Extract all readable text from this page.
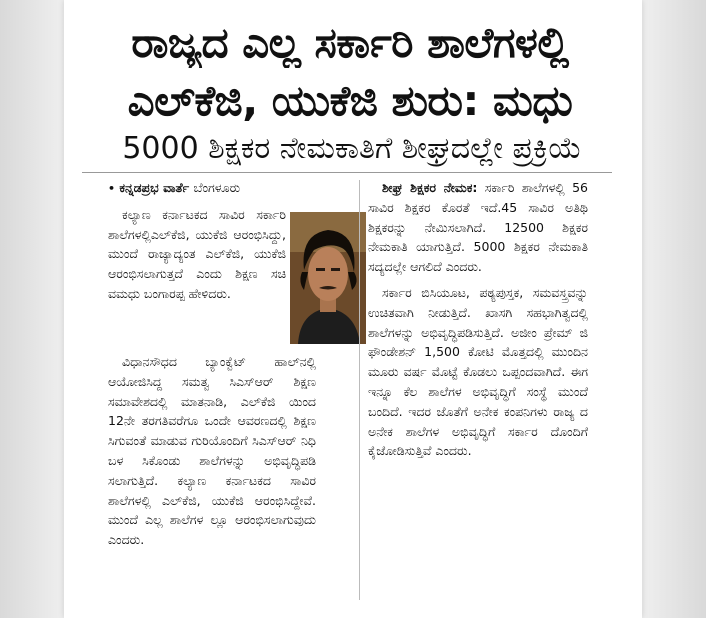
ರಾಜ್ಯದ ಎಲ್ಲ ಸರ್ಕಾರಿ ಶಾಲೆಗಳಲ್ಲಿ
ಎಲ್‌ಕೆಜಿ, ಯುಕೆಜಿ ಶುರು: ಮಧು
5000 ಶಿಕ್ಷಕರ ನೇಮಕಾತಿಗೆ ಶೀಘ್ರದಲ್ಲೇ ಪ್ರಕ್ರಿಯೆ

• ಕನ್ನಡಪ್ರಭ ವಾರ್ತೆ ಬೆಂಗಳೂರು

ಕಲ್ಯಾಣ ಕರ್ನಾಟಕದ ಸಾವಿರ ಸರ್ಕಾರಿ ಶಾಲೆಗಳಲ್ಲಿಎಲ್‌ಕೆಜಿ, ಯುಕೆಜಿ ಆರಂಭಿಸಿದ್ದು, ಮುಂದೆ ರಾಜ್ಯಾದ್ಯಂತ ಎಲ್‌ಕೆಜಿ, ಯುಕೆಜಿ ಆರಂಭಿಸಲಾಗುತ್ತದೆ ಎಂದು ಶಿಕ್ಷಣ ಸಚಿ ವಮಧು ಬಂಗಾರಪ್ಪ ಹೇಳಿದರು.

ವಿಧಾನಸೌಧದ ಬ್ಯಾಂಕ್ವೆಟ್ ಹಾಲ್‌ನಲ್ಲಿ ಆಯೋಜಿಸಿದ್ದ ಸಮತ್ವ ಸಿಎಸ್‌ಆರ್ ಶಿಕ್ಷಣ ಸಮಾವೇಶದಲ್ಲಿ ಮಾತನಾಡಿ, ಎಲ್‌ಕೆಜಿ ಯಿಂದ 12ನೇ ತರಗತಿವರೆಗೂ ಒಂದೇ ಆವರಣದಲ್ಲಿ ಶಿಕ್ಷಣ ಸಿಗುವಂತೆ ಮಾಡುವ ಗುರಿಯೊಂದಿಗೆ ಸಿಎಸ್‌ಆರ್ ನಿಧಿ ಬಳ ಸಿಕೊಂಡು ಶಾಲೆಗಳನ್ನು ಅಭಿವೃದ್ಧಿಪಡಿ ಸಲಾಗುತ್ತಿದೆ. ಕಲ್ಯಾಣ ಕರ್ನಾಟಕದ ಸಾವಿರ ಶಾಲೆಗಳಲ್ಲಿ ಎಲ್‌ಕೆಜಿ, ಯುಕೆಜಿ ಆರಂಭಿಸಿದ್ದೇವೆ. ಮುಂದೆ ಎಲ್ಲ ಶಾಲೆಗಳ ಲ್ಲೂ ಆರಂಭಿಸಲಾಗುವುದು ಎಂದರು.

ಶೀಘ್ರ ಶಿಕ್ಷಕರ ನೇಮಕ: ಸರ್ಕಾರಿ ಶಾಲೆಗಳಲ್ಲಿ 56 ಸಾವಿರ ಶಿಕ್ಷಕರ ಕೊರತೆ ಇದೆ.45 ಸಾವಿರ ಅತಿಥಿ ಶಿಕ್ಷಕರನ್ನು ನೇಮಿಸಲಾಗಿದೆ. 12500 ಶಿಕ್ಷಕರ ನೇಮಕಾತಿ ಯಾಗುತ್ತಿದೆ. 5000 ಶಿಕ್ಷಕರ ನೇಮಕಾತಿ ಸದ್ಯದಲ್ಲೇ ಆಗಲಿದೆ ಎಂದರು.

ಸರ್ಕಾರ ಬಿಸಿಯೂಟ, ಪಠ್ಯಪುಸ್ತಕ, ಸಮವಸ್ತ್ರವನ್ನು ಉಚಿತವಾಗಿ ನೀಡುತ್ತಿದೆ. ಖಾಸಗಿ ಸಹಭಾಗಿತ್ವದಲ್ಲಿ ಶಾಲೆಗಳನ್ನು ಅಭಿವೃದ್ಧಿಪಡಿಸುತ್ತಿದೆ. ಅಜೀಂ ಪ್ರೇಮ್ ಜಿ ಫೌಂಡೇಶನ್ 1,500 ಕೋಟಿ ಮೊತ್ತದಲ್ಲಿ ಮುಂದಿನ ಮೂರು ವರ್ಷ ಮೊಟ್ಟೆ ಕೊಡಲು ಒಪ್ಪಂದವಾಗಿದೆ. ಈಗ ಇನ್ನೂ ಕೆಲ ಶಾಲೆಗಳ ಅಭಿವೃದ್ಧಿಗೆ ಸಂಸ್ಥೆ ಮುಂದೆ ಬಂದಿದೆ. ಇದರ ಜೊತೆಗೆ ಅನೇಕ ಕಂಪನಿಗಳು ರಾಜ್ಯ ದ ಅನೇಕ ಶಾಲೆಗಳ ಅಭಿವೃದ್ಧಿಗೆ ಸರ್ಕಾರ ದೊಂದಿಗೆ ಕೈಜೋಡಿಸುತ್ತಿವೆ ಎಂದರು.
